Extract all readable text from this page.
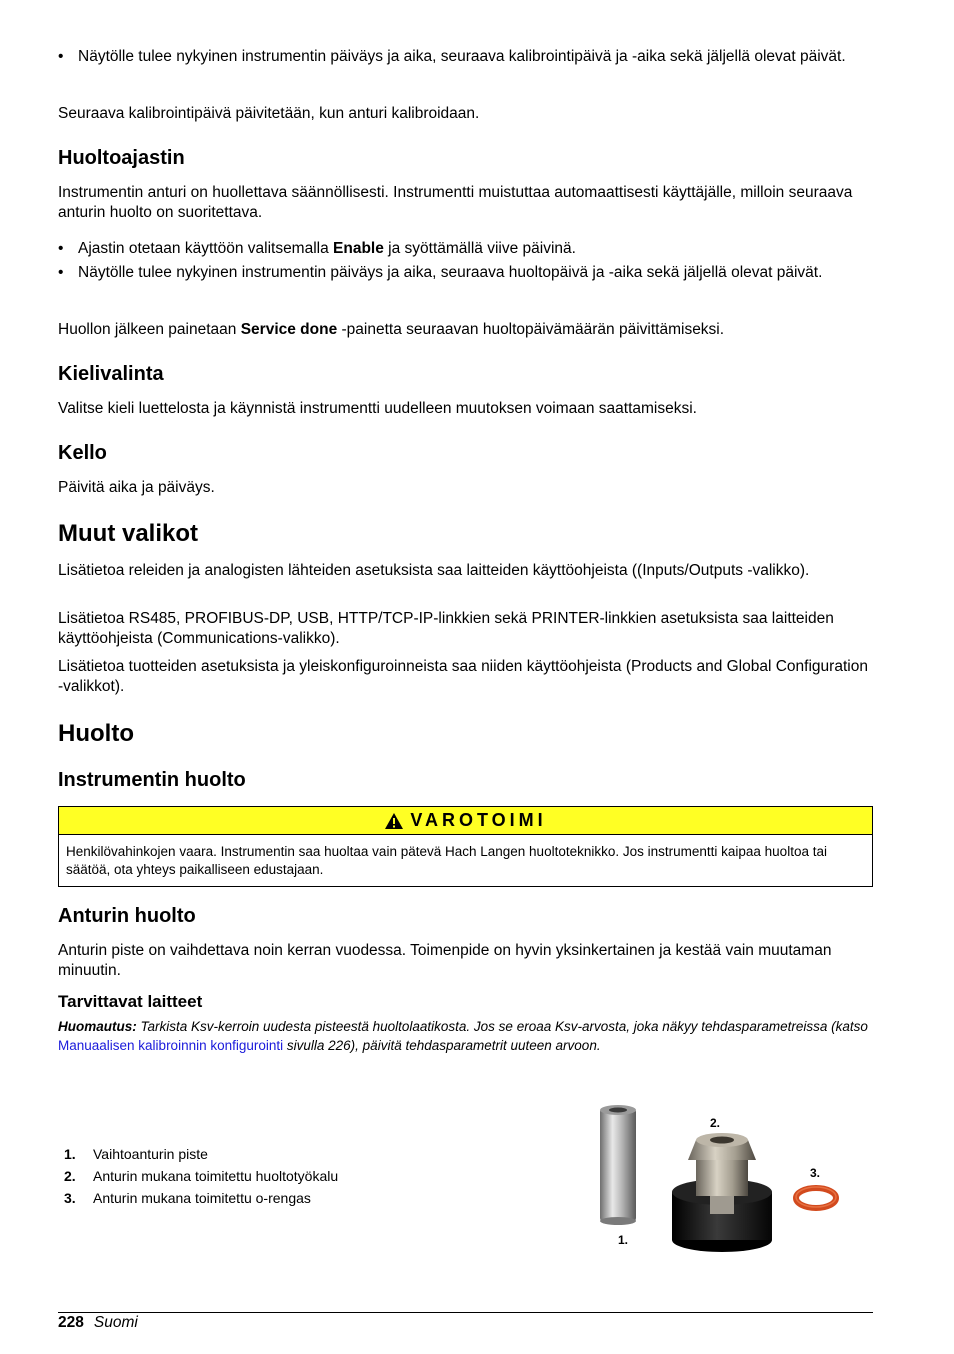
• Näytölle tulee nykyinen instrumentin päiväys ja aika, seuraava kalibrointipäivä ja -aika sekä jäljellä olevat päivät.

Seuraava kalibrointipäivä päivitetään, kun anturi kalibroidaan.

Huoltoajastin

Instrumentin anturi on huollettava säännöllisesti. Instrumentti muistuttaa automaattisesti käyttäjälle, milloin seuraava anturin huolto on suoritettava.

• Ajastin otetaan käyttöön valitsemalla Enable ja syöttämällä viive päivinä.
• Näytölle tulee nykyinen instrumentin päiväys ja aika, seuraava huoltopäivä ja -aika sekä jäljellä olevat päivät.

Huollon jälkeen painetaan Service done -painetta seuraavan huoltopäivämäärän päivittämiseksi.

Kielivalinta

Valitse kieli luettelosta ja käynnistä instrumentti uudelleen muutoksen voimaan saattamiseksi.

Kello

Päivitä aika ja päiväys.

Muut valikot

Lisätietoa releiden ja analogisten lähteiden asetuksista saa laitteiden käyttöohjeista ((Inputs/Outputs -valikko).

Lisätietoa RS485, PROFIBUS-DP, USB, HTTP/TCP-IP-linkkien sekä PRINTER-linkkien asetuksista saa laitteiden käyttöohjeista (Communications-valikko).

Lisätietoa tuotteiden asetuksista ja yleiskonfiguroinneista saa niiden käyttöohjeista (Products and Global Configuration -valikkot).

Huolto
Instrumentin huolto
VAROTOIMI
Henkilövahinkojen vaara. Instrumentin saa huoltaa vain pätevä Hach Langen huoltoteknikko. Jos instrumentti kaipaa huoltoa tai säätöä, ota yhteys paikalliseen edustajaan.
Anturin huolto

Anturin piste on vaihdettava noin kerran vuodessa. Toimenpide on hyvin yksinkertainen ja kestää vain muutaman minuutin.

Tarvittavat laitteet

Huomautus: Tarkista Ksv-kerroin uudesta pisteestä huoltolaatikosta. Jos se eroaa Ksv-arvosta, joka näkyy tehdasparametreissa (katso Manuaalisen kalibroinnin konfigurointi sivulla 226), päivitä tehdasparametrit uuteen arvoon.

1. Vaihtoanturin piste
2. Anturin mukana toimitettu huoltotyökalu
3. Anturin mukana toimitettu o-rengas
1.
2.
3.
228 Suomi
